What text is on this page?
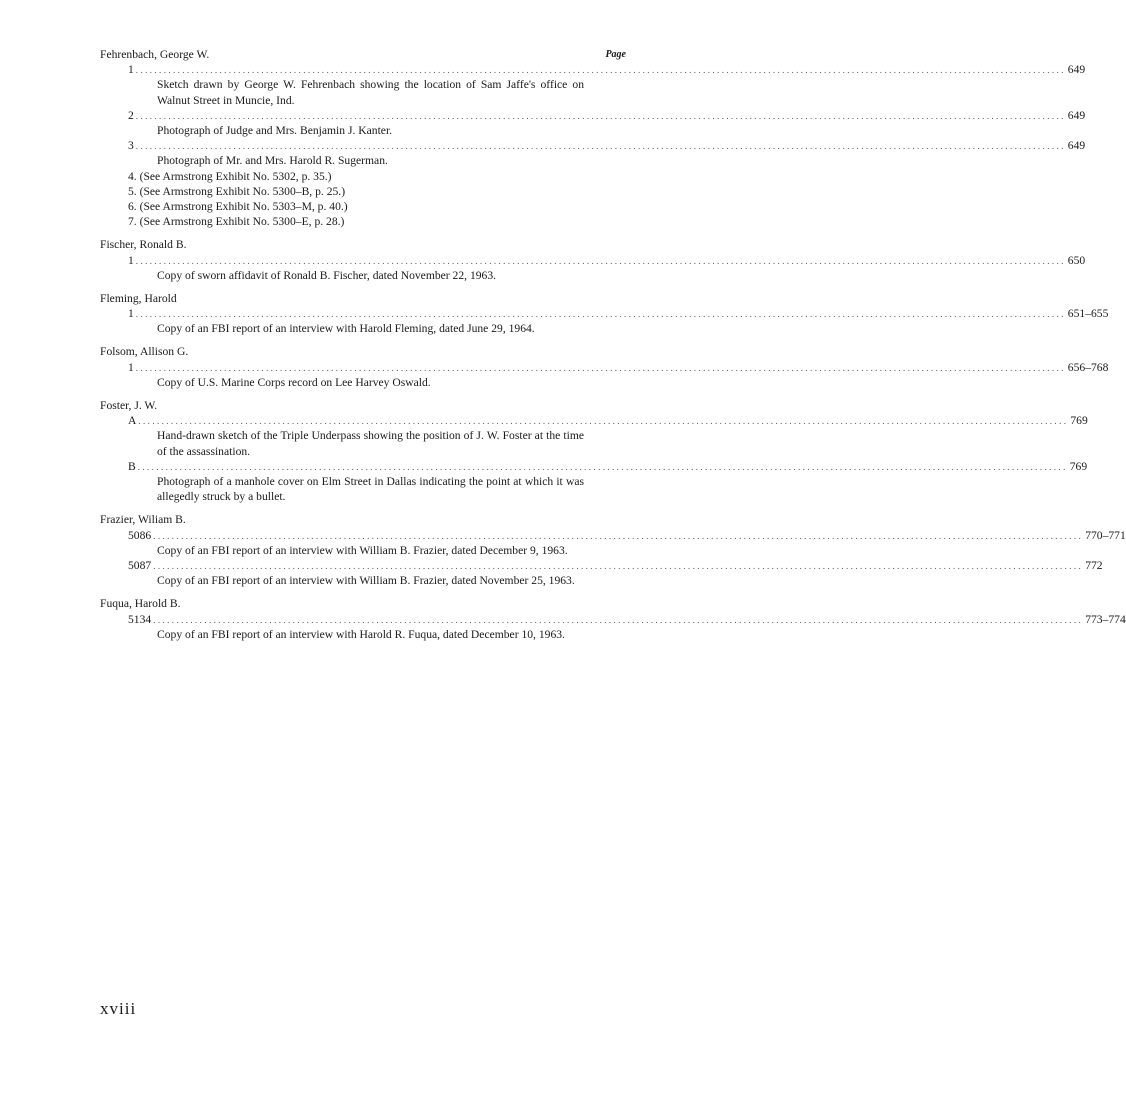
Page
Fehrenbach, George W.
1 ........................................................................................................................................................................................................ 649
Sketch drawn by George W. Fehrenbach showing the location of Sam Jaffe's office on Walnut Street in Muncie, Ind.
2 ........................................................................................................................................................................................................ 649
Photograph of Judge and Mrs. Benjamin J. Kanter.
3 ........................................................................................................................................................................................................ 649
Photograph of Mr. and Mrs. Harold R. Sugerman.
4. (See Armstrong Exhibit No. 5302, p. 35.)
5. (See Armstrong Exhibit No. 5300–B, p. 25.)
6. (See Armstrong Exhibit No. 5303–M, p. 40.)
7. (See Armstrong Exhibit No. 5300–E, p. 28.)
Fischer, Ronald B.
1 ........................................................................................................................................................................................................ 650
Copy of sworn affidavit of Ronald B. Fischer, dated November 22, 1963.
Fleming, Harold
1 ........................................................................................................................................................................................................ 651–655
Copy of an FBI report of an interview with Harold Fleming, dated June 29, 1964.
Folsom, Allison G.
1 ........................................................................................................................................................................................................ 656–768
Copy of U.S. Marine Corps record on Lee Harvey Oswald.
Foster, J. W.
A ........................................................................................................................................................................................................ 769
Hand-drawn sketch of the Triple Underpass showing the position of J. W. Foster at the time of the assassination.
B ........................................................................................................................................................................................................ 769
Photograph of a manhole cover on Elm Street in Dallas indicating the point at which it was allegedly struck by a bullet.
Frazier, Wiliam B.
5086 ........................................................................................................................................................................................................ 770–771
Copy of an FBI report of an interview with William B. Frazier, dated December 9, 1963.
5087 ........................................................................................................................................................................................................ 772
Copy of an FBI report of an interview with William B. Frazier, dated November 25, 1963.
Fuqua, Harold B.
5134 ........................................................................................................................................................................................................ 773–774
Copy of an FBI report of an interview with Harold R. Fuqua, dated December 10, 1963.
xviii
